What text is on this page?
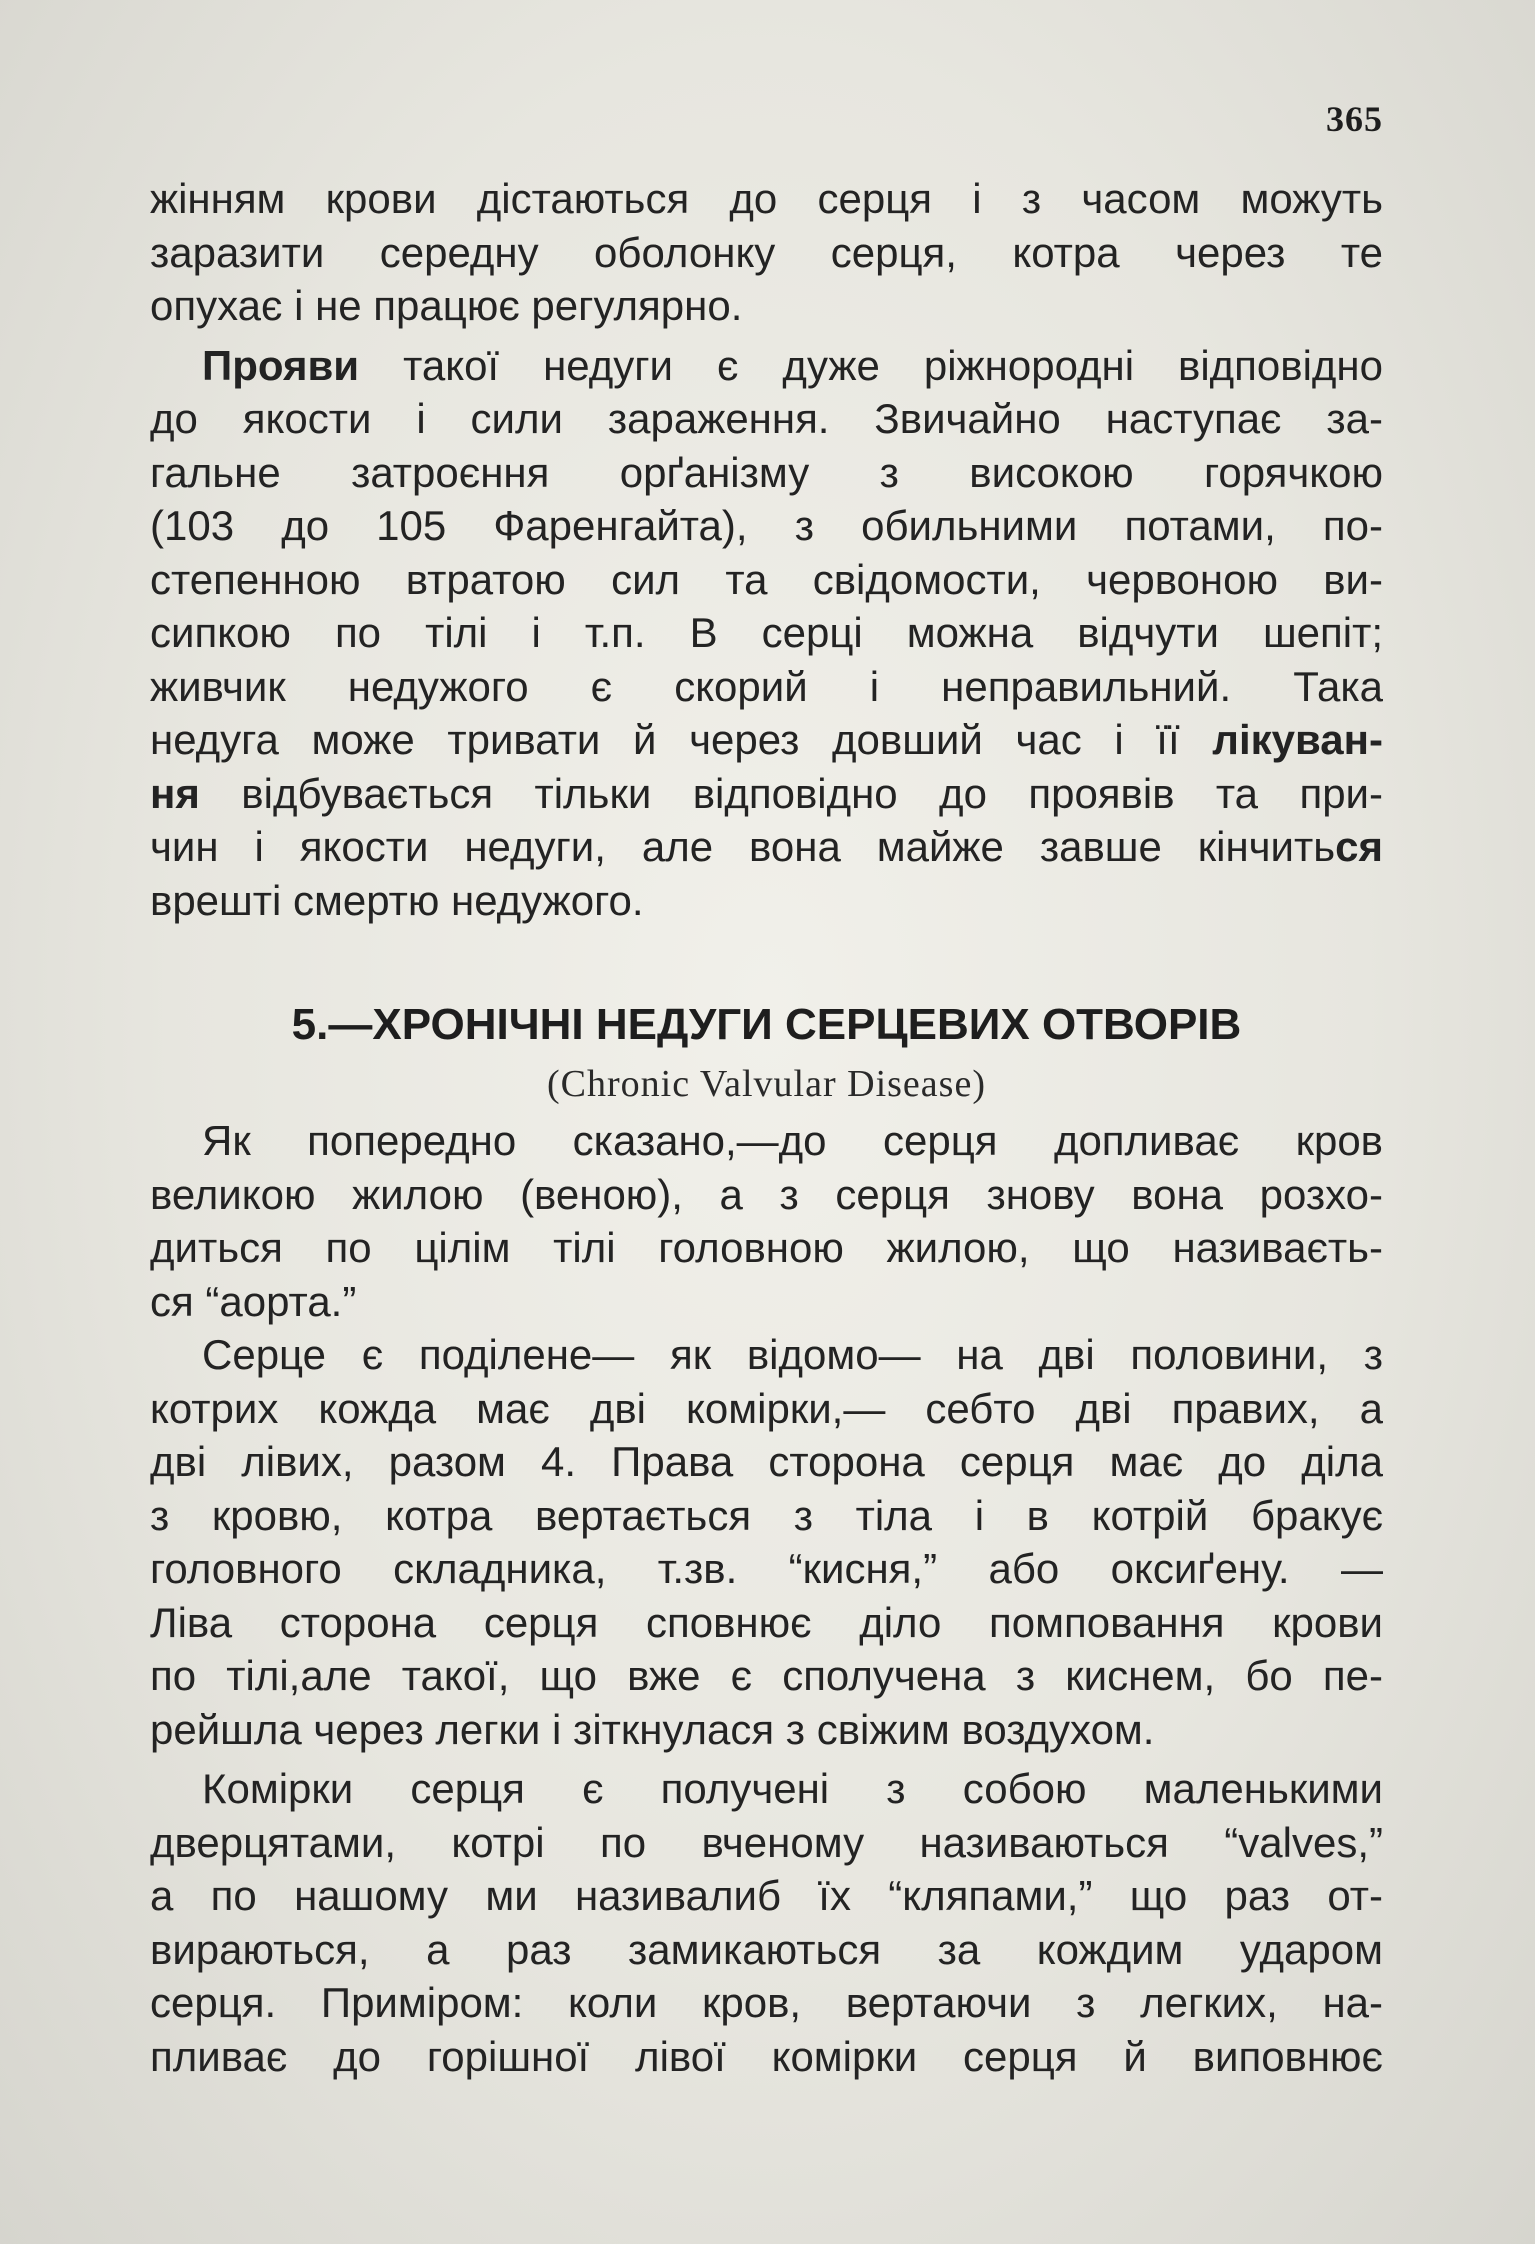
365
жінням крови дістаються до серця і з часом можуть
заразити середну оболонку серця, котра через те
опухає і не працює регулярно.
Прояви такої недуги є дуже ріжнородні відповідно
до якости і сили зараження. Звичайно наступає за-
гальне затроєння орґанізму з високою горячкою
(103 до 105 Фаренгайта), з обильними потами, по-
степенною втратою сил та свідомости, червоною ви-
сипкою по тілі і т.п. В серці можна відчути шепіт;
живчик недужого є скорий і неправильний. Така
недуга може тривати й через довший час і її лікуван-
ня відбувається тільки відповідно до проявів та при-
чин і якости недуги, але вона майже завше кінчиться
врешті смертю недужого.
5.—ХРОНІЧНІ НЕДУГИ СЕРЦЕВИХ ОТВОРІВ
(Chronic Valvular Disease)
Як попередно сказано,—до серця допливає кров
великою жилою (веною), а з серця знову вона розхо-
диться по цілім тілі головною жилою, що називаєть-
ся “аорта.”
Серце є поділене— як відомо— на дві половини, з
котрих кожда має дві комірки,— себто дві правих, а
дві лівих, разом 4. Права сторона серця має до діла
з кровю, котра вертається з тіла і в котрій бракує
головного складника, т.зв. “кисня,” або оксиґену. —
Ліва сторона серця сповнює діло помповання крови
по тілі,але такої, що вже є сполучена з киснем, бо пе-
рейшла через легки і зіткнулася з свіжим воздухом.
Комірки серця є получені з собою маленькими
дверцятами, котрі по вченому називаються “valves,”
а по нашому ми називалиб їх “кляпами,” що раз от-
вираються, а раз замикаються за кождим ударом
серця. Приміром: коли кров, вертаючи з легких, на-
пливає до горішної лівої комірки серця й виповнює
